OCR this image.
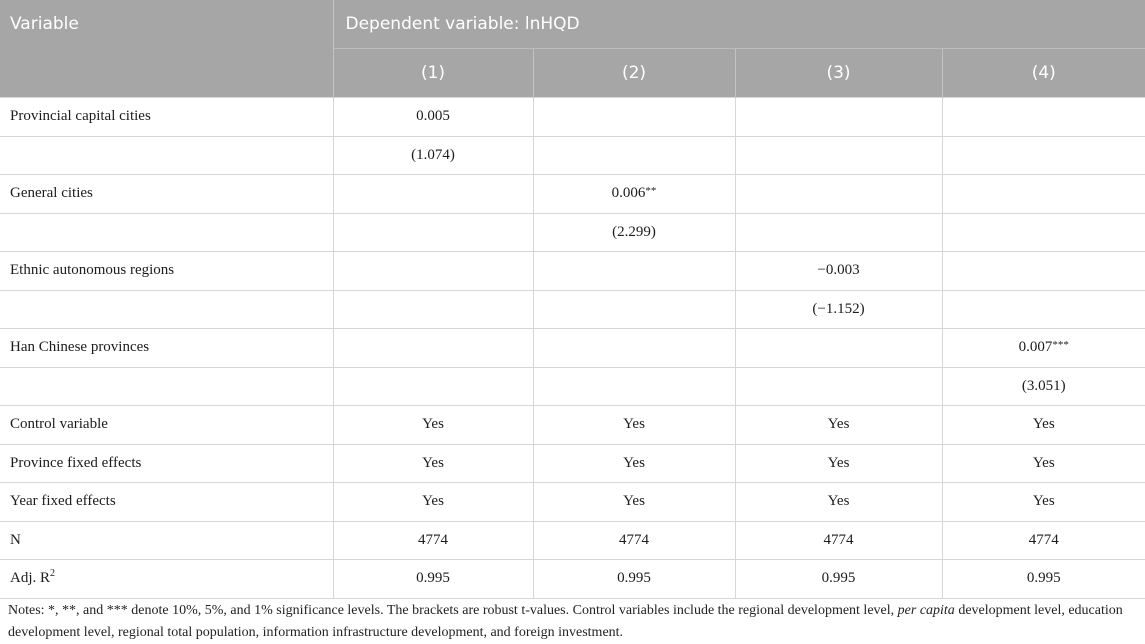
Variable	Dependent variable: lnHQD			
	(1)	(2)	(3)	(4)
Provincial capital cities	0.005			
	(1.074)			
General cities		0.006**		
		(2.299)		
Ethnic autonomous regions			−0.003	
			(−1.152)	
Han Chinese provinces				0.007***
				(3.051)
Control variable	Yes	Yes	Yes	Yes
Province fixed effects	Yes	Yes	Yes	Yes
Year fixed effects	Yes	Yes	Yes	Yes
N	4774	4774	4774	4774
Adj. $R^2$	0.995	0.995	0.995	0.995
Notes: *, **, and *** denote 10%, 5%, and 1% significance levels. The brackets are robust t-values. Control variables include the regional development level, per capita development level, education development level, regional total population, information infrastructure development, and foreign investment.
